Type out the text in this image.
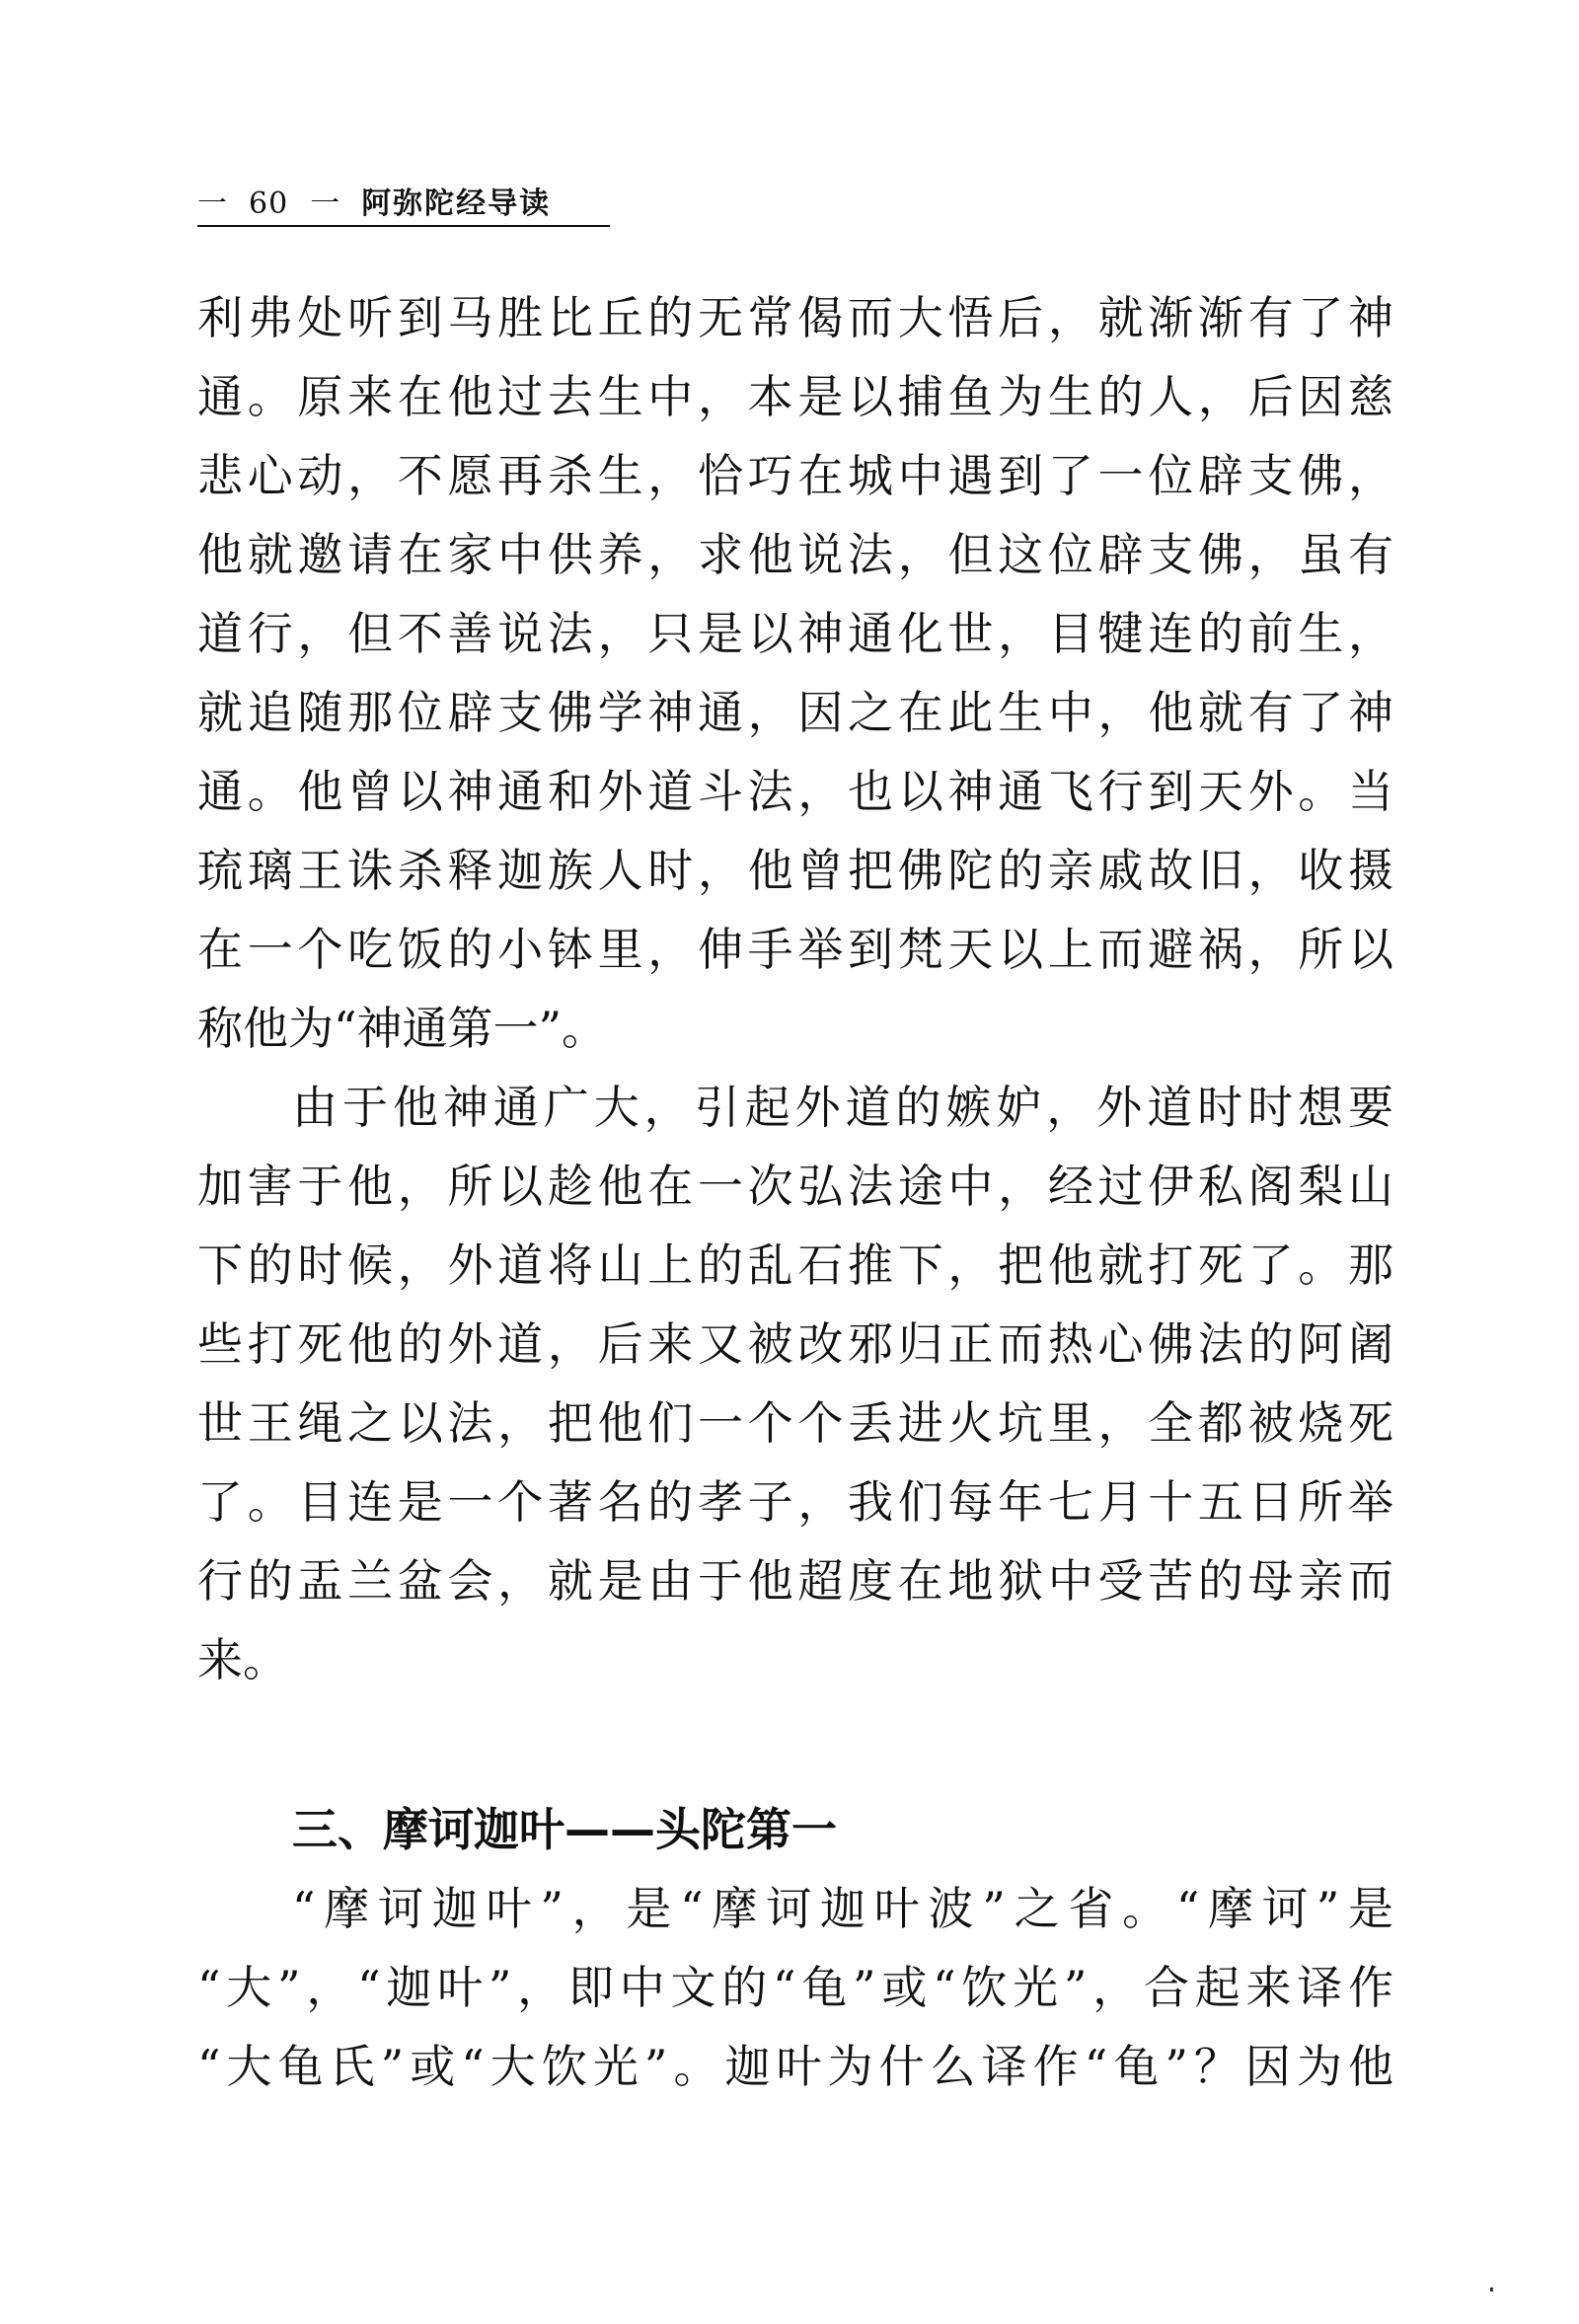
一 60 一 阿弥陀经导读
利弗处听到马胜比丘的无常偈而大悟后，就渐渐有了神
通。原来在他过去生中，本是以捕鱼为生的人，后因慈
悲心动，不愿再杀生，恰巧在城中遇到了一位辟支佛，
他就邀请在家中供养，求他说法，但这位辟支佛，虽有
道行，但不善说法，只是以神通化世，目犍连的前生，
就追随那位辟支佛学神通，因之在此生中，他就有了神
通。他曾以神通和外道斗法，也以神通飞行到天外。当
琉璃王诛杀释迦族人时，他曾把佛陀的亲戚故旧，收摄
在一个吃饭的小钵里，伸手举到梵天以上而避祸，所以
称他为“神通第一”。
由于他神通广大，引起外道的嫉妒，外道时时想要
加害于他，所以趁他在一次弘法途中，经过伊私阁梨山
下的时候，外道将山上的乱石推下，把他就打死了。那
些打死他的外道，后来又被改邪归正而热心佛法的阿阇
世王绳之以法，把他们一个个丢进火坑里，全都被烧死
了。目连是一个著名的孝子，我们每年七月十五日所举
行的盂兰盆会，就是由于他超度在地狱中受苦的母亲而
来。
三、摩诃迦叶——头陀第一
“摩诃迦叶”，是“摩诃迦叶波”之省。“摩诃”是
“大”，“迦叶”，即中文的“龟”或“饮光”，合起来译作
“大龟氏”或“大饮光”。迦叶为什么译作“龟”？因为他
